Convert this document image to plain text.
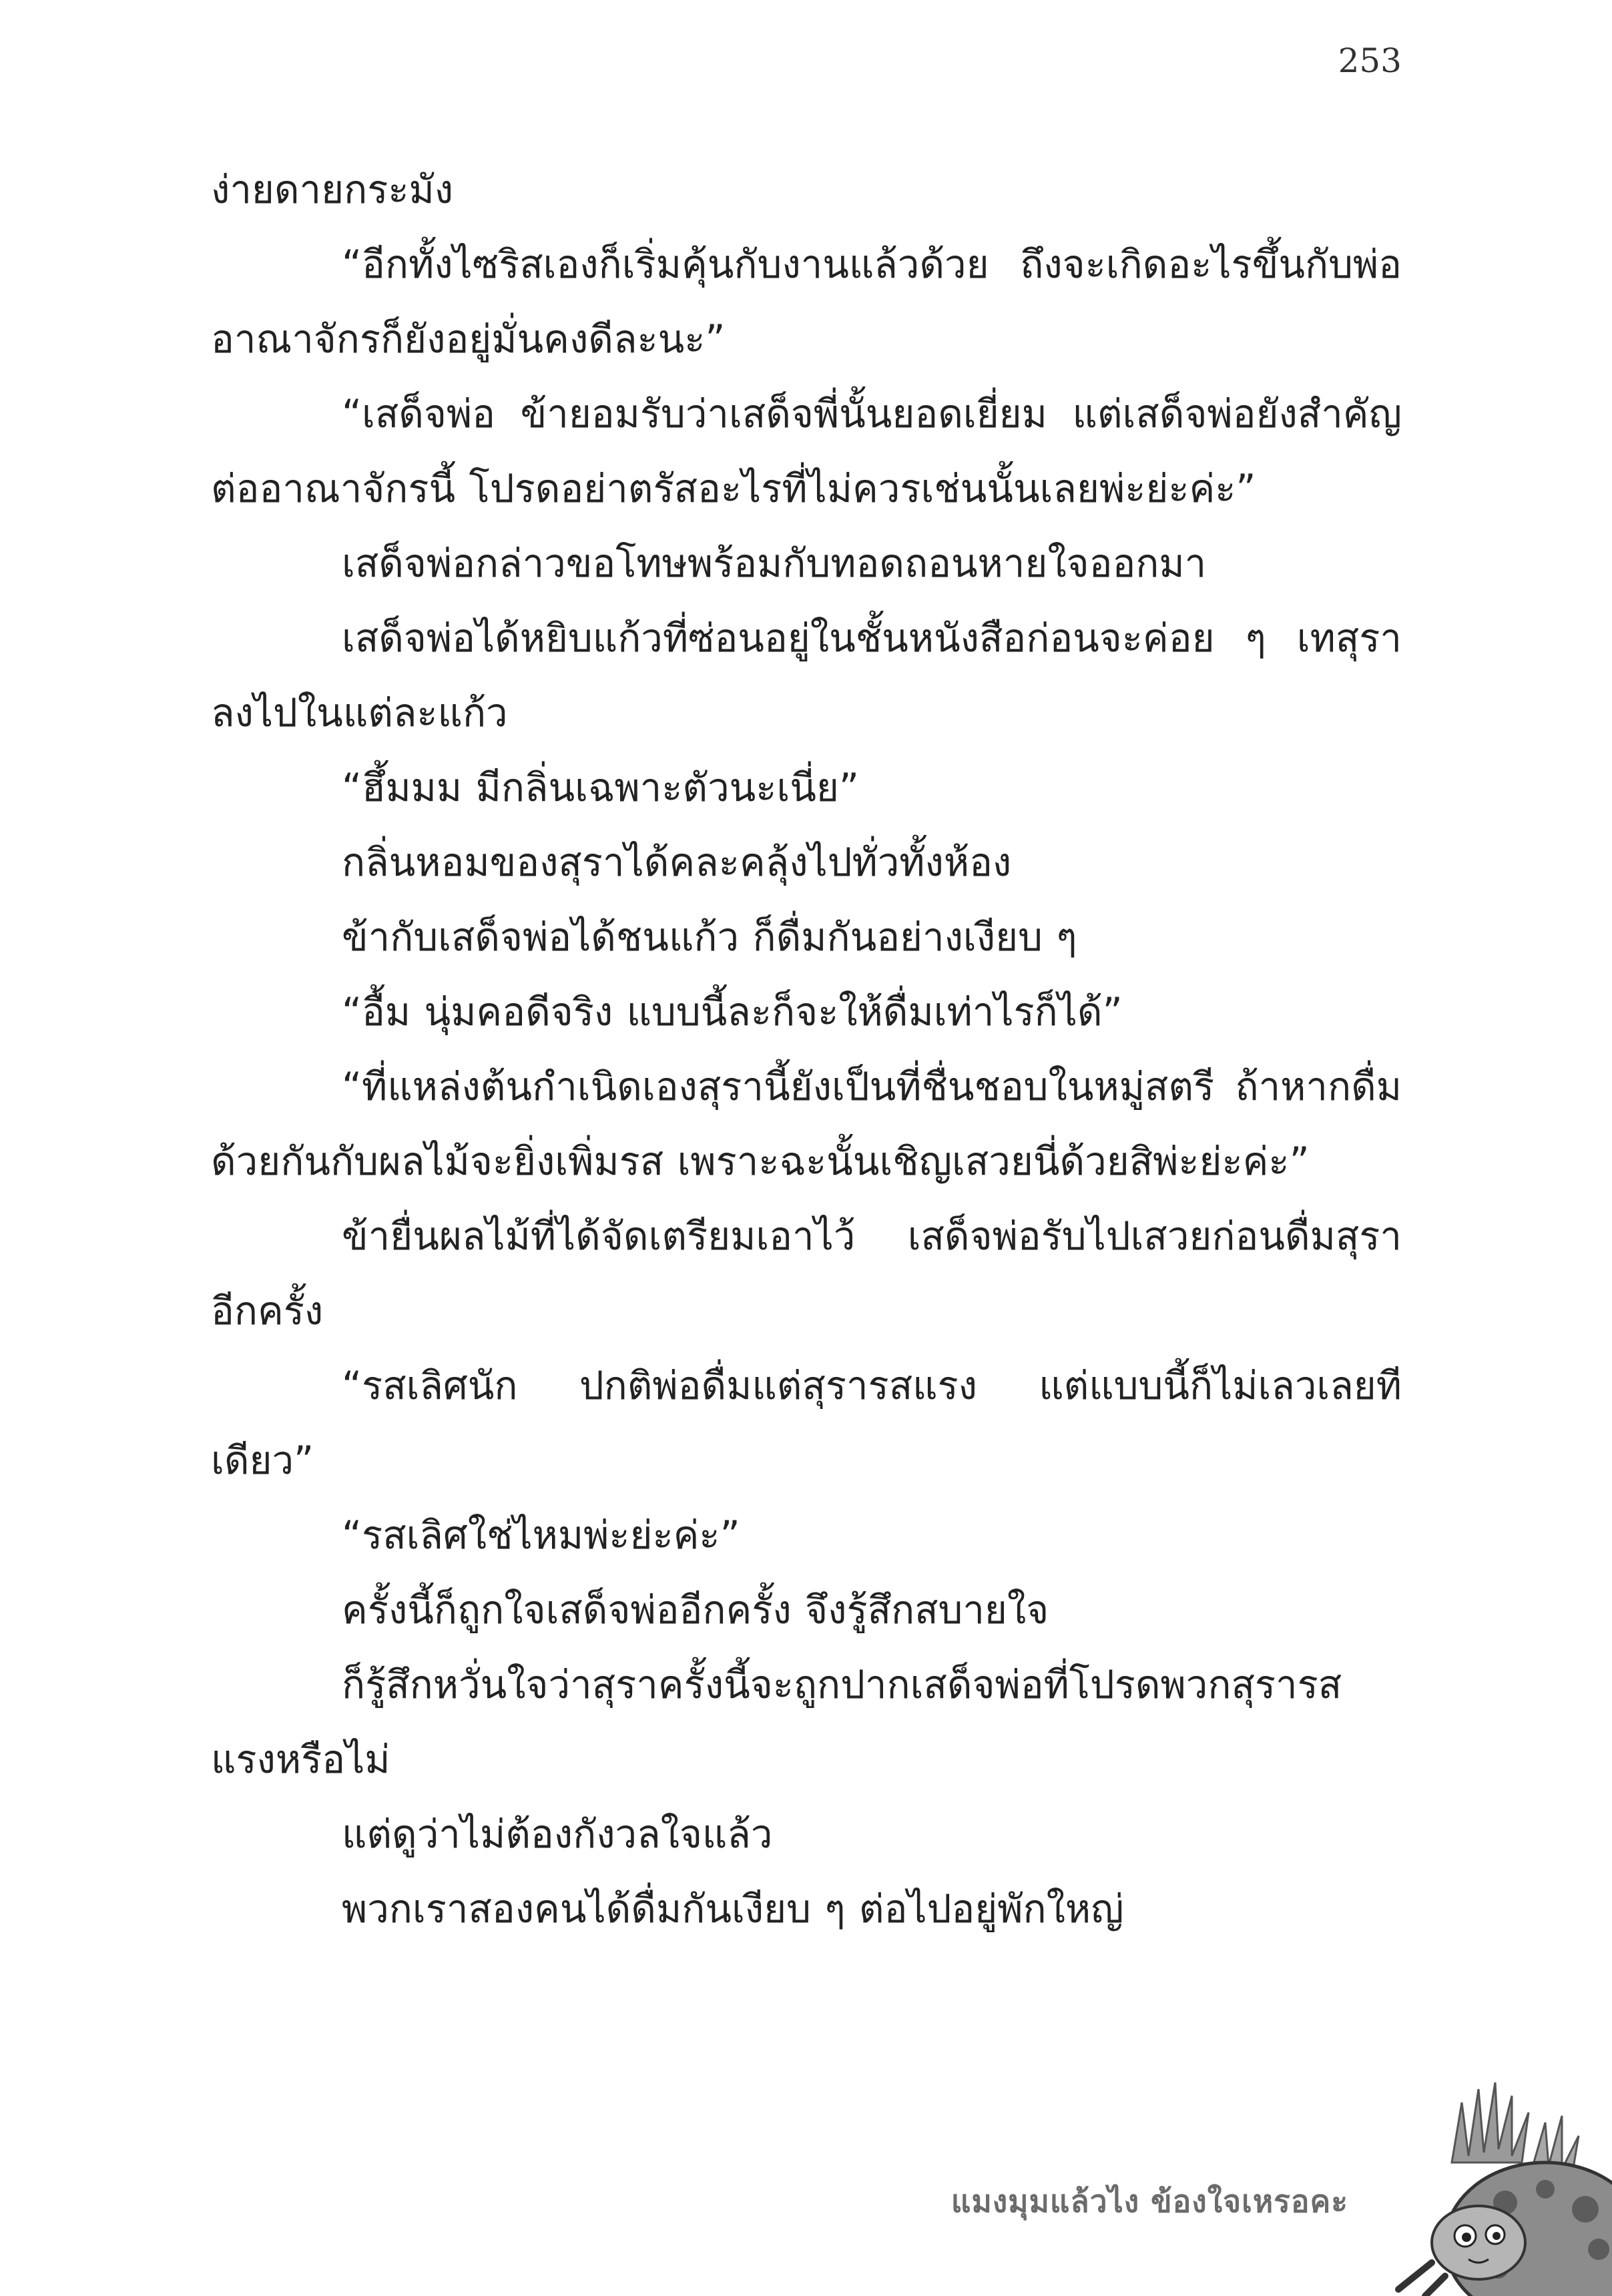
253

ง่ายดายกระมัง

“อีกทั้งไซริสเองก็เริ่มคุ้นกับงานแล้วด้วย ถึงจะเกิดอะไรขึ้นกับพ่อ อาณาจักรก็ยังอยู่มั่นคงดีละนะ”

“เสด็จพ่อ ข้ายอมรับว่าเสด็จพี่นั้นยอดเยี่ยม แต่เสด็จพ่อยังสำคัญต่ออาณาจักรนี้ โปรดอย่าตรัสอะไรที่ไม่ควรเช่นนั้นเลยพ่ะย่ะค่ะ”

เสด็จพ่อกล่าวขอโทษพร้อมกับทอดถอนหายใจออกมา

เสด็จพ่อได้หยิบแก้วที่ซ่อนอยู่ในชั้นหนังสือก่อนจะค่อย ๆ เทสุราลงไปในแต่ละแก้ว

“ฮึ้มมม มีกลิ่นเฉพาะตัวนะเนี่ย”

กลิ่นหอมของสุราได้คละคลุ้งไปทั่วทั้งห้อง

ข้ากับเสด็จพ่อได้ชนแก้ว ก็ดื่มกันอย่างเงียบ ๆ

“อื้ม นุ่มคอดีจริง แบบนี้ละก็จะให้ดื่มเท่าไรก็ได้”

“ที่แหล่งต้นกำเนิดเองสุรานี้ยังเป็นที่ชื่นชอบในหมู่สตรี ถ้าหากดื่มด้วยกันกับผลไม้จะยิ่งเพิ่มรส เพราะฉะนั้นเชิญเสวยนี่ด้วยสิพ่ะย่ะค่ะ”

ข้ายื่นผลไม้ที่ได้จัดเตรียมเอาไว้ เสด็จพ่อรับไปเสวยก่อนดื่มสุราอีกครั้ง

“รสเลิศนัก ปกติพ่อดื่มแต่สุรารสแรง แต่แบบนี้ก็ไม่เลวเลยทีเดียว”

“รสเลิศใช่ไหมพ่ะย่ะค่ะ”

ครั้งนี้ก็ถูกใจเสด็จพ่ออีกครั้ง จึงรู้สึกสบายใจ

ก็รู้สึกหวั่นใจว่าสุราครั้งนี้จะถูกปากเสด็จพ่อที่โปรดพวกสุรารสแรงหรือไม่

แต่ดูว่าไม่ต้องกังวลใจแล้ว

พวกเราสองคนได้ดื่มกันเงียบ ๆ ต่อไปอยู่พักใหญ่

แมงมุมแล้วไง ข้องใจเหรอคะ
